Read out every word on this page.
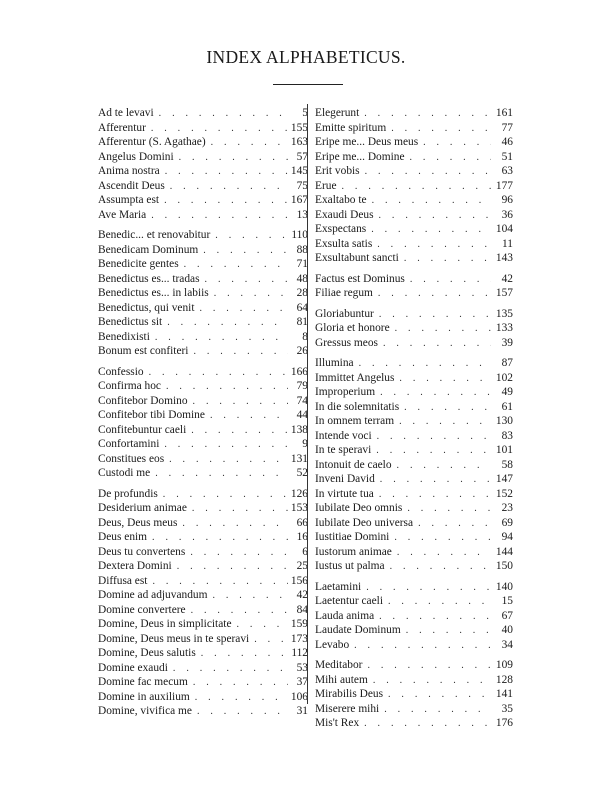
INDEX ALPHABETICUS.
Ad te levavi . . .	5
Afferentur . . .	155
Afferentur (S. Agathae) . . .	163
Angelus Domini . . .	57
Anima nostra . . .	145
Ascendit Deus . . .	75
Assumpta est . . .	167
Ave Maria . . .	13
Benedic... et renovabitur . . .	110
Benedicam Dominum . . .	88
Benedicite gentes . . .	71
Benedictus es... tradas . . .	48
Benedictus es... in labiis . . .	28
Benedictus, qui venit . . .	64
Benedictus sit . . .	81
Benedixisti . . .	8
Bonum est confiteri . . .	26
Confessio . . .	166
Confirma hoc . . .	79
Confitebor Domino . . .	74
Confitebor tibi Domine . . .	44
Confitebuntur caeli . . .	138
Confortamini . . .	9
Constitues eos . . .	131
Custodi me . . .	52
De profundis . . .	126
Desiderium animae . . .	153
Deus, Deus meus . . .	66
Deus enim . . .	16
Deus tu convertens . . .	6
Dextera Domini . . .	25
Diffusa est . . .	156
Domine ad adjuvandum . . .	42
Domine convertere . . .	84
Domine, Deus in simplicitate . . .	159
Domine, Deus meus in te speravi . . .	173
Domine, Deus salutis . . .	112
Domine exaudi . . .	53
Domine fac mecum . . .	37
Domine in auxilium . . .	106
Domine, vivifica me . . .	31
Elegerunt . . .	161
Emitte spiritum . . .	77
Eripe me... Deus meus . . .	46
Eripe me... Domine . . .	51
Erit vobis . . .	63
Erue . . .	177
Exaltabo te . . .	96
Exaudi Deus . . .	36
Exspectans . . .	104
Exsulta satis . . .	11
Exsultabunt sancti . . .	143
Factus est Dominus . . .	42
Filiae regum . . .	157
Gloriabuntur . . .	135
Gloria et honore . . .	133
Gressus meos . . .	39
Illumina . . .	87
Immittet Angelus . . .	102
Improperium . . .	49
In die solemnitatis . . .	61
In omnem terram . . .	130
Intende voci . . .	83
In te speravi . . .	101
Intonuit de caelo . . .	58
Inveni David . . .	147
In virtute tua . . .	152
Iubilate Deo omnis . . .	23
Iubilate Deo universa . . .	69
Iustitiae Domini . . .	94
Iustorum animae . . .	144
Iustus ut palma . . .	150
Laetamini . . .	140
Laetentur caeli . . .	15
Lauda anima . . .	67
Laudate Dominum . . .	40
Levabo . . .	34
Meditabor . . .	109
Mihi autem . . .	128
Mirabilis Deus . . .	141
Miserere mihi . . .	35
Mis't Rex . . .	176
